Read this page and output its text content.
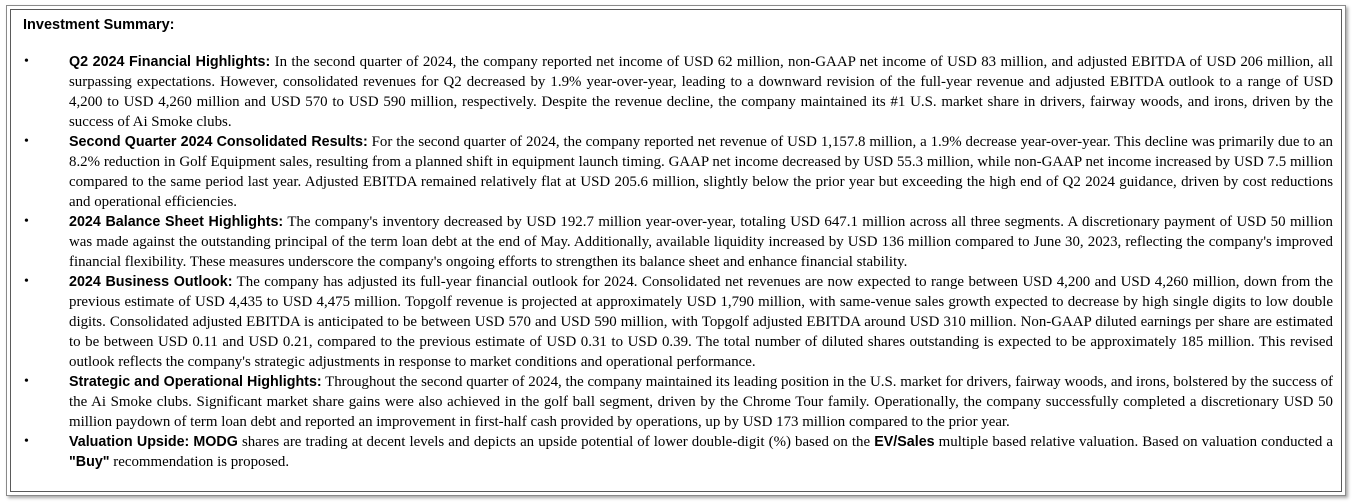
Investment Summary:
•	Q2 2024 Financial Highlights: In the second quarter of 2024, the company reported net income of USD 62 million, non-GAAP net income of USD 83 million, and adjusted EBITDA of USD 206 million, all surpassing expectations. However, consolidated revenues for Q2 decreased by 1.9% year-over-year, leading to a downward revision of the full-year revenue and adjusted EBITDA outlook to a range of USD 4,200 to USD 4,260 million and USD 570 to USD 590 million, respectively. Despite the revenue decline, the company maintained its #1 U.S. market share in drivers, fairway woods, and irons, driven by the success of Ai Smoke clubs.
•	Second Quarter 2024 Consolidated Results: For the second quarter of 2024, the company reported net revenue of USD 1,157.8 million, a 1.9% decrease year-over-year. This decline was primarily due to an 8.2% reduction in Golf Equipment sales, resulting from a planned shift in equipment launch timing. GAAP net income decreased by USD 55.3 million, while non-GAAP net income increased by USD 7.5 million compared to the same period last year. Adjusted EBITDA remained relatively flat at USD 205.6 million, slightly below the prior year but exceeding the high end of Q2 2024 guidance, driven by cost reductions and operational efficiencies.
•	2024 Balance Sheet Highlights: The company's inventory decreased by USD 192.7 million year-over-year, totaling USD 647.1 million across all three segments. A discretionary payment of USD 50 million was made against the outstanding principal of the term loan debt at the end of May. Additionally, available liquidity increased by USD 136 million compared to June 30, 2023, reflecting the company's improved financial flexibility. These measures underscore the company's ongoing efforts to strengthen its balance sheet and enhance financial stability.
•	2024 Business Outlook: The company has adjusted its full-year financial outlook for 2024. Consolidated net revenues are now expected to range between USD 4,200 and USD 4,260 million, down from the previous estimate of USD 4,435 to USD 4,475 million. Topgolf revenue is projected at approximately USD 1,790 million, with same-venue sales growth expected to decrease by high single digits to low double digits. Consolidated adjusted EBITDA is anticipated to be between USD 570 and USD 590 million, with Topgolf adjusted EBITDA around USD 310 million. Non-GAAP diluted earnings per share are estimated to be between USD 0.11 and USD 0.21, compared to the previous estimate of USD 0.31 to USD 0.39. The total number of diluted shares outstanding is expected to be approximately 185 million. This revised outlook reflects the company's strategic adjustments in response to market conditions and operational performance.
•	Strategic and Operational Highlights: Throughout the second quarter of 2024, the company maintained its leading position in the U.S. market for drivers, fairway woods, and irons, bolstered by the success of the Ai Smoke clubs. Significant market share gains were also achieved in the golf ball segment, driven by the Chrome Tour family. Operationally, the company successfully completed a discretionary USD 50 million paydown of term loan debt and reported an improvement in first-half cash provided by operations, up by USD 173 million compared to the prior year.
•	Valuation Upside: MODG shares are trading at decent levels and depicts an upside potential of lower double-digit (%) based on the EV/Sales multiple based relative valuation. Based on valuation conducted a "Buy" recommendation is proposed.
